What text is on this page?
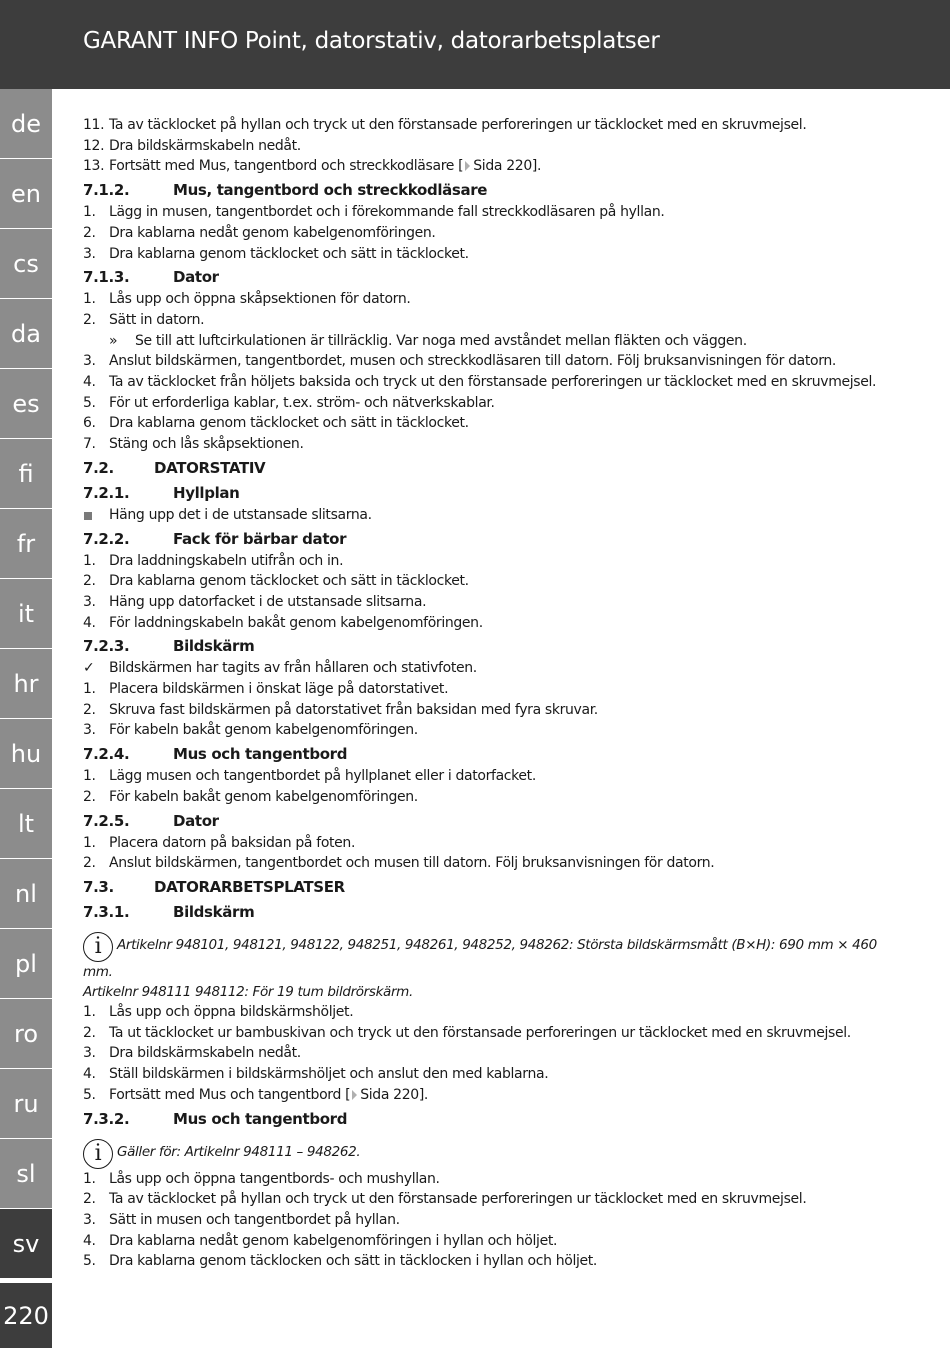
GARANT INFO Point, datorstativ, datorarbetsplatser
de
en
cs
da
es
fi
fr
it
hr
hu
lt
nl
pl
ro
ru
sl
sv
220
11. Ta av täcklocket på hyllan och tryck ut den förstansade perforeringen ur täcklocket med en skruvmejsel.
12. Dra bildskärmskabeln nedåt.
13. Fortsätt med Mus, tangentbord och streckkodläsare [ Sida 220].
7.1.2.	Mus, tangentbord och streckkodläsare
1. Lägg in musen, tangentbordet och i förekommande fall streckkodläsaren på hyllan.
2. Dra kablarna nedåt genom kabelgenomföringen.
3. Dra kablarna genom täcklocket och sätt in täcklocket.
7.1.3.	Dator
1. Lås upp och öppna skåpsektionen för datorn.
2. Sätt in datorn.
» Se till att luftcirkulationen är tillräcklig. Var noga med avståndet mellan fläkten och väggen.
3. Anslut bildskärmen, tangentbordet, musen och streckkodläsaren till datorn. Följ bruksanvisningen för datorn.
4. Ta av täcklocket från höljets baksida och tryck ut den förstansade perforeringen ur täcklocket med en skruvmejsel.
5. För ut erforderliga kablar, t.ex. ström- och nätverkskablar.
6. Dra kablarna genom täcklocket och sätt in täcklocket.
7. Stäng och lås skåpsektionen.
7.2.	DATORSTATIV
7.2.1.	Hyllplan
Häng upp det i de utstansade slitsarna.
7.2.2.	Fack för bärbar dator
1. Dra laddningskabeln utifrån och in.
2. Dra kablarna genom täcklocket och sätt in täcklocket.
3. Häng upp datorfacket i de utstansade slitsarna.
4. För laddningskabeln bakåt genom kabelgenomföringen.
7.2.3.	Bildskärm
✓ Bildskärmen har tagits av från hållaren och stativfoten.
1. Placera bildskärmen i önskat läge på datorstativet.
2. Skruva fast bildskärmen på datorstativet från baksidan med fyra skruvar.
3. För kabeln bakåt genom kabelgenomföringen.
7.2.4.	Mus och tangentbord
1. Lägg musen och tangentbordet på hyllplanet eller i datorfacket.
2. För kabeln bakåt genom kabelgenomföringen.
7.2.5.	Dator
1. Placera datorn på baksidan på foten.
2. Anslut bildskärmen, tangentbordet och musen till datorn. Följ bruksanvisningen för datorn.
7.3.	DATORARBETSPLATSER
7.3.1.	Bildskärm
i Artikelnr 948101, 948121, 948122, 948251, 948261, 948252, 948262: Största bildskärmsmått (B×H): 690 mm × 460 mm.
Artikelnr 948111 948112: För 19 tum bildrörskärm.
1. Lås upp och öppna bildskärmshöljet.
2. Ta ut täcklocket ur bambuskivan och tryck ut den förstansade perforeringen ur täcklocket med en skruvmejsel.
3. Dra bildskärmskabeln nedåt.
4. Ställ bildskärmen i bildskärmshöljet och anslut den med kablarna.
5. Fortsätt med Mus och tangentbord [ Sida 220].
7.3.2.	Mus och tangentbord
i Gäller för: Artikelnr 948111 – 948262.
1. Lås upp och öppna tangentbords- och mushyllan.
2. Ta av täcklocket på hyllan och tryck ut den förstansade perforeringen ur täcklocket med en skruvmejsel.
3. Sätt in musen och tangentbordet på hyllan.
4. Dra kablarna nedåt genom kabelgenomföringen i hyllan och höljet.
5. Dra kablarna genom täcklocken och sätt in täcklocken i hyllan och höljet.
